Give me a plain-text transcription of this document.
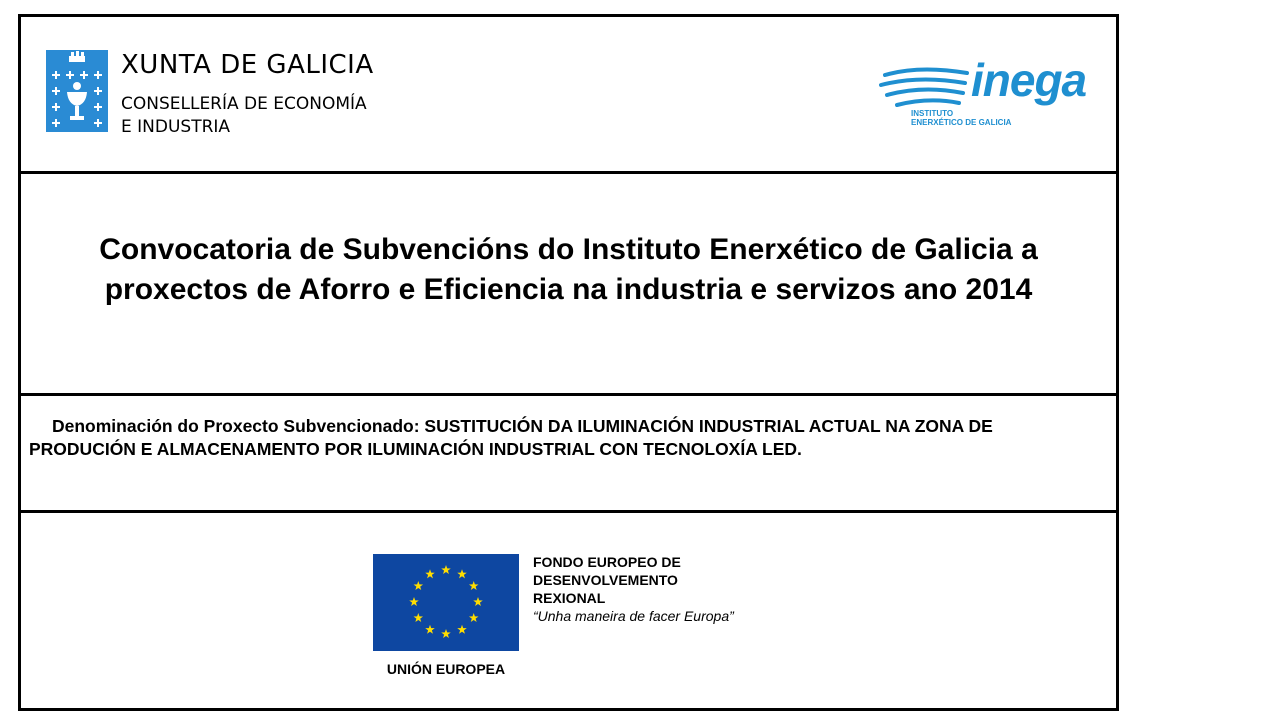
XUNTA DE GALICIA
CONSELLERÍA DE ECONOMÍA
E INDUSTRIA
inega
INSTITUTO
ENERXÉTICO DE GALICIA
Convocatoria de Subvencións do Instituto Enerxético de Galicia a
proxectos de Aforro e Eficiencia na industria e servizos ano 2014
Denominación do Proxecto Subvencionado: SUSTITUCIÓN DA ILUMINACIÓN INDUSTRIAL ACTUAL NA ZONA DE PRODUCIÓN E ALMACENAMENTO POR ILUMINACIÓN INDUSTRIAL CON TECNOLOXÍA LED.
UNIÓN EUROPEA
FONDO EUROPEO DE
DESENVOLVEMENTO
REXIONAL
“Unha maneira de facer Europa”
